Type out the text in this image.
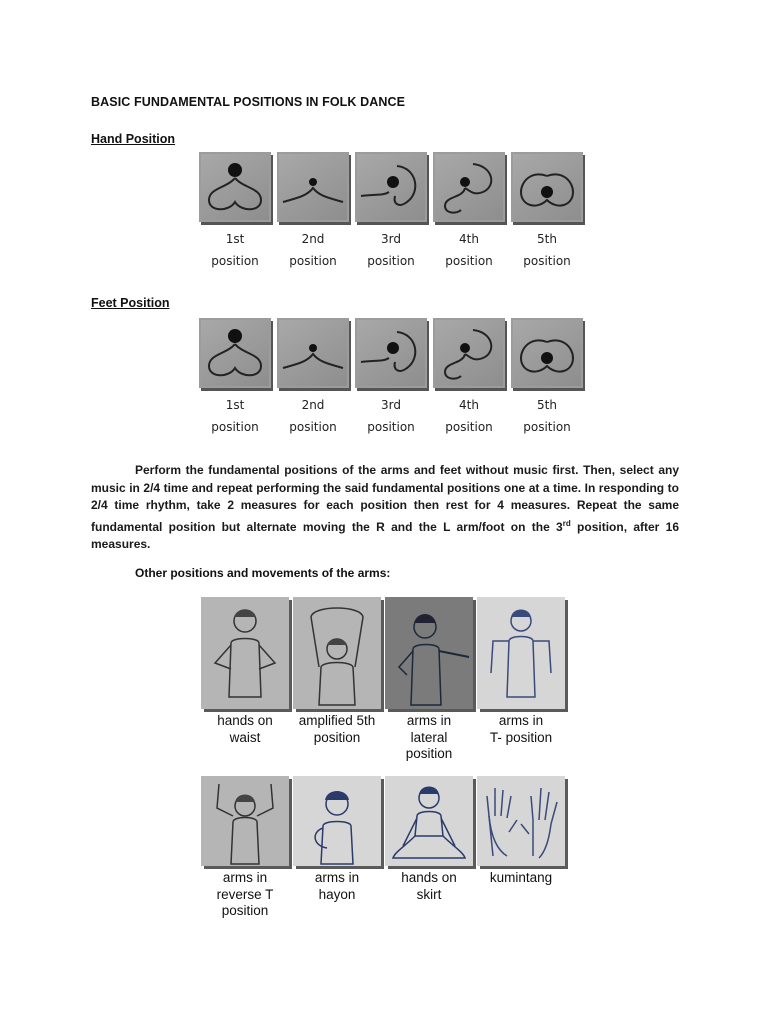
BASIC FUNDAMENTAL POSITIONS IN FOLK DANCE
Hand Position
1st
position
2nd
position
3rd
position
4th
position
5th
position
Feet Position
1st
position
2nd
position
3rd
position
4th
position
5th
position
Perform the fundamental positions of the arms and feet without music first. Then, select any music in 2/4 time and repeat performing the said fundamental positions one at a time. In responding to 2/4 time rhythm, take 2 measures for each position then rest for 4 measures. Repeat the same fundamental position but alternate moving the R and the L arm/foot on the 3rd position, after 16 measures.
Other positions and movements of the arms:
hands on
waist
amplified 5th
position
arms in
lateral
position
arms in
T- position
arms in
reverse T
position
arms in
hayon
hands on
skirt
kumintang
